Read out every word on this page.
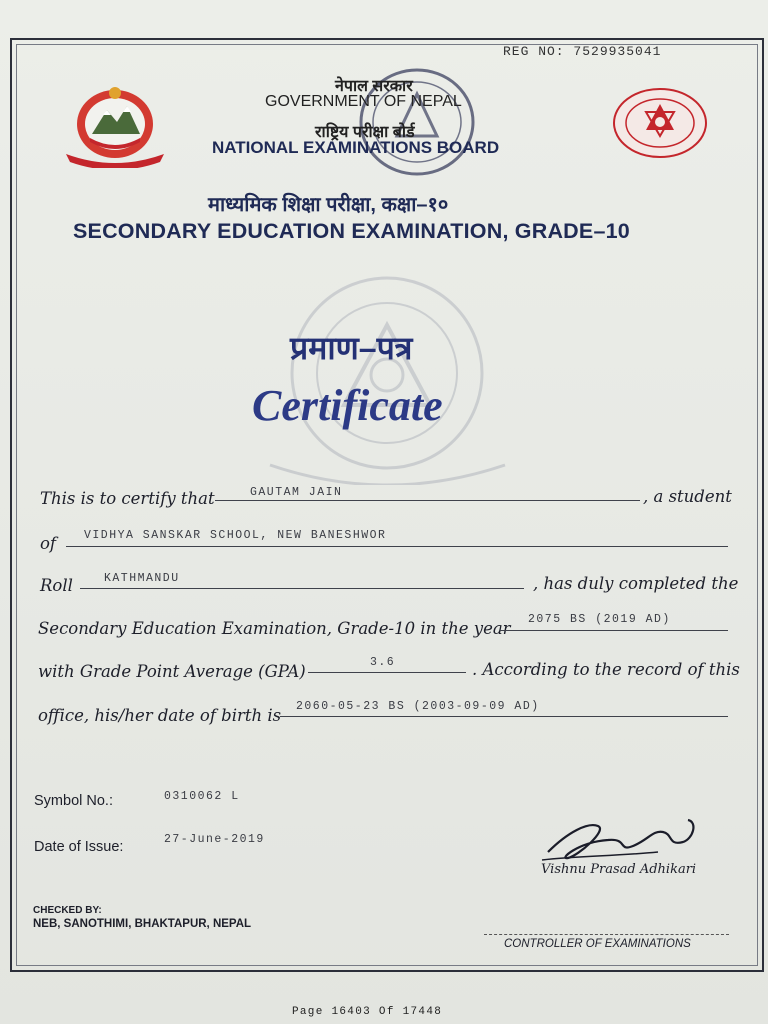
REG NO: 7529935041
नेपाल सरकार
GOVERNMENT OF NEPAL
राष्ट्रिय परीक्षा बोर्ड
NATIONAL EXAMINATIONS BOARD
माध्यमिक शिक्षा परीक्षा, कक्षा–१०
SECONDARY EDUCATION EXAMINATION, GRADE–10
प्रमाण–पत्र
Certificate
This is to certify that	GAUTAM JAIN	, a student
of VIDHYA SANSKAR SCHOOL, NEW BANESHWOR
Roll	KATHMANDU	, has duly completed the
Secondary Education Examination, Grade-10 in the year 2075 BS (2019 AD)
with Grade Point Average (GPA)	3.6	. According to the record of this
office, his/her date of birth is 2060-05-23 BS (2003-09-09 AD)
Symbol No.:	0310062 L
Date of Issue:	27-June-2019
Vishnu Prasad Adhikari
CHECKED BY:
NEB, SANOTHIMI, BHAKTAPUR, NEPAL
CONTROLLER OF EXAMINATIONS
Page 16403 Of 17448
